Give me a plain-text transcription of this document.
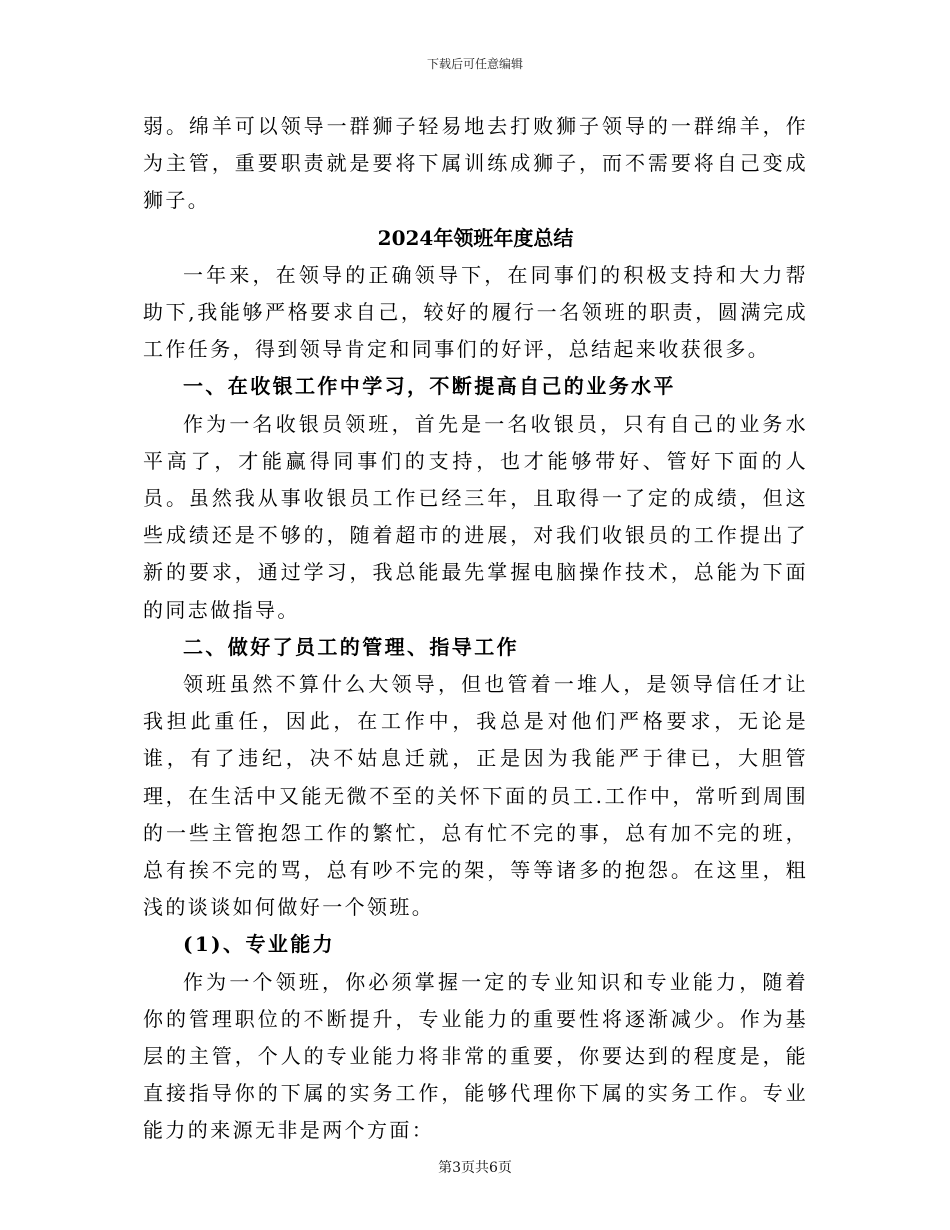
下载后可任意编辑

弱。绵羊可以领导一群狮子轻易地去打败狮子领导的一群绵羊，作为主管，重要职责就是要将下属训练成狮子，而不需要将自己变成狮子。

2024年领班年度总结

一年来，在领导的正确领导下，在同事们的积极支持和大力帮助下,我能够严格要求自己，较好的履行一名领班的职责，圆满完成工作任务，得到领导肯定和同事们的好评，总结起来收获很多。

一、在收银工作中学习，不断提高自己的业务水平

作为一名收银员领班，首先是一名收银员，只有自己的业务水平高了，才能赢得同事们的支持，也才能够带好、管好下面的人员。虽然我从事收银员工作已经三年，且取得一了定的成绩，但这些成绩还是不够的，随着超市的进展，对我们收银员的工作提出了新的要求，通过学习，我总能最先掌握电脑操作技术，总能为下面的同志做指导。

二、做好了员工的管理、指导工作

领班虽然不算什么大领导，但也管着一堆人，是领导信任才让我担此重任，因此，在工作中，我总是对他们严格要求，无论是谁，有了违纪，决不姑息迁就，正是因为我能严于律已，大胆管理，在生活中又能无微不至的关怀下面的员工.工作中，常听到周围的一些主管抱怨工作的繁忙，总有忙不完的事，总有加不完的班，总有挨不完的骂，总有吵不完的架，等等诸多的抱怨。在这里，粗浅的谈谈如何做好一个领班。

(1)、专业能力

作为一个领班，你必须掌握一定的专业知识和专业能力，随着你的管理职位的不断提升，专业能力的重要性将逐渐减少。作为基层的主管，个人的专业能力将非常的重要，你要达到的程度是，能直接指导你的下属的实务工作，能够代理你下属的实务工作。专业能力的来源无非是两个方面：

第3页共6页
